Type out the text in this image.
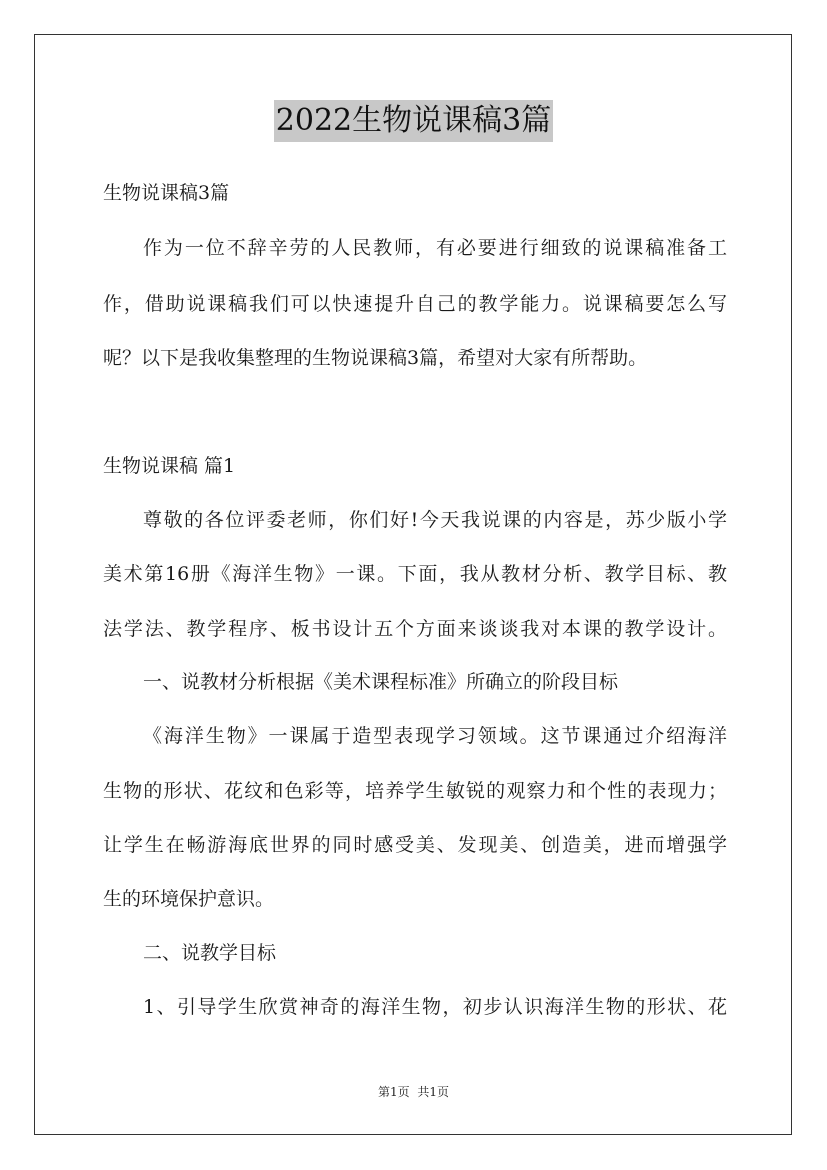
2022生物说课稿3篇
生物说课稿3篇
作为一位不辞辛劳的人民教师，有必要进行细致的说课稿准备工
作，借助说课稿我们可以快速提升自己的教学能力。说课稿要怎么写
呢？以下是我收集整理的生物说课稿3篇，希望对大家有所帮助。
生物说课稿 篇1
尊敬的各位评委老师，你们好!今天我说课的内容是，苏少版小学
美术第16册《海洋生物》一课。下面，我从教材分析、教学目标、教
法学法、教学程序、板书设计五个方面来谈谈我对本课的教学设计。
一、说教材分析根据《美术课程标准》所确立的阶段目标
《海洋生物》一课属于造型表现学习领域。这节课通过介绍海洋
生物的形状、花纹和色彩等，培养学生敏锐的观察力和个性的表现力；
让学生在畅游海底世界的同时感受美、发现美、创造美，进而增强学
生的环境保护意识。
二、说教学目标
1、引导学生欣赏神奇的海洋生物，初步认识海洋生物的形状、花
第1页 共1页
